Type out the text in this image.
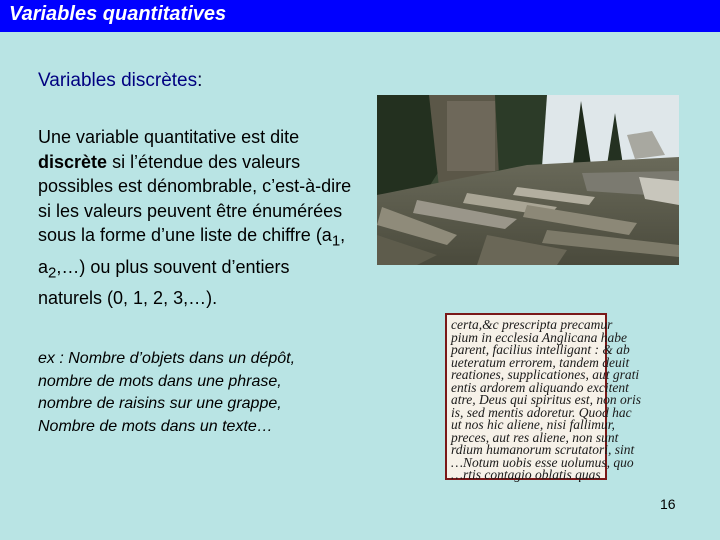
Variables quantitatives
Variables discrètes:
Une variable quantitative est dite discrète si l’étendue des valeurs possibles est dénombrable, c’est-à-dire si les valeurs peuvent être énumérées sous la forme d’une liste de chiffre ($a_1$, $a_2,\dots$) ou plus souvent d’entiers naturels (0, 1, 2, 3,…).
ex : Nombre d’objets dans un dépôt,
nombre de mots dans une phrase,
nombre de raisins sur une grappe,
Nombre de mots dans un texte…
certa,&c prescripta precamur
pium in ecclesia Anglicana habe
parent, facilius intelligant : & ab
ueteratum errorem, tandem deuit
reationes, supplicationes, aut grati
entis ardorem aliquando excitent
atre, Deus qui spiritus est, non oris
is, sed mentis adoretur. Quod hac
ut nos hic aliene, nisi fallimur,
preces, aut res aliene, non sunt
rdium humanorum scrutatori, sint
…Notum uobis esse uolumus, quo
…rtis contagio oblatis quas
16
